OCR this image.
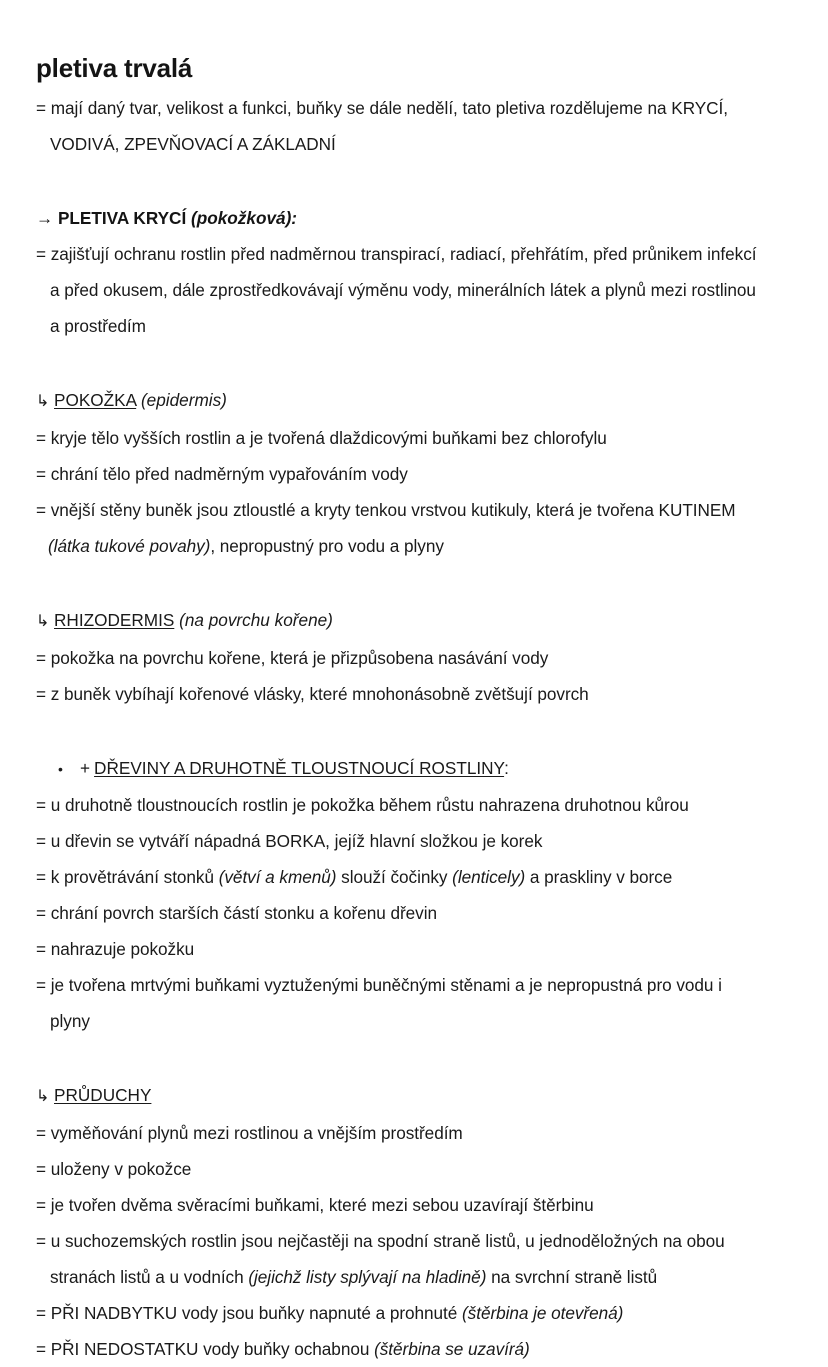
pletiva trvalá
= mají daný tvar, velikost a funkci, buňky se dále nedělí, tato pletiva rozdělujeme na KRYCÍ,
VODIVÁ, ZPEVŇOVACÍ A ZÁKLADNÍ
→ PLETIVA KRYCÍ (pokožková):
= zajišťují ochranu rostlin před nadměrnou transpirací, radiací, přehřátím, před průnikem infekcí
a před okusem, dále zprostředkovávají výměnu vody, minerálních látek a plynů mezi rostlinou
a prostředím
↳ POKOŽKA (epidermis)
= kryje tělo vyšších rostlin a je tvořená dlaždicovými buňkami bez chlorofylu
= chrání tělo před nadměrným vypařováním vody
= vnější stěny buněk jsou ztloustlé a kryty tenkou vrstvou kutikuly, která je tvořena KUTINEM
(látka tukové povahy), nepropustný pro vodu a plyny
↳ RHIZODERMIS (na povrchu kořene)
= pokožka na povrchu kořene, která je přizpůsobena nasávání vody
= z buněk vybíhají kořenové vlásky, které mnohonásobně zvětšují povrch
• + DŘEVINY A DRUHOTNĚ TLOUSTNOUCÍ ROSTLINY:
= u druhotně tloustnoucích rostlin je pokožka během růstu nahrazena druhotnou kůrou
= u dřevin se vytváří nápadná BORKA, jejíž hlavní složkou je korek
= k provětrávání stonků (větví a kmenů) slouží čočinky (lenticely) a praskliny v borce
= chrání povrch starších částí stonku a kořenu dřevin
= nahrazuje pokožku
= je tvořena mrtvými buňkami vyztuženými buněčnými stěnami a je nepropustná pro vodu i
plyny
↳ PRŮDUCHY
= vyměňování plynů mezi rostlinou a vnějším prostředím
= uloženy v pokožce
= je tvořen dvěma svěracími buňkami, které mezi sebou uzavírají štěrbinu
= u suchozemských rostlin jsou nejčastěji na spodní straně listů, u jednoděložných na obou
stranách listů a u vodních (jejichž listy splývají na hladině) na svrchní straně listů
= PŘI NADBYTKU vody jsou buňky napnuté a prohnuté (štěrbina je otevřená)
= PŘI NEDOSTATKU vody buňky ochabnou (štěrbina se uzavírá)
